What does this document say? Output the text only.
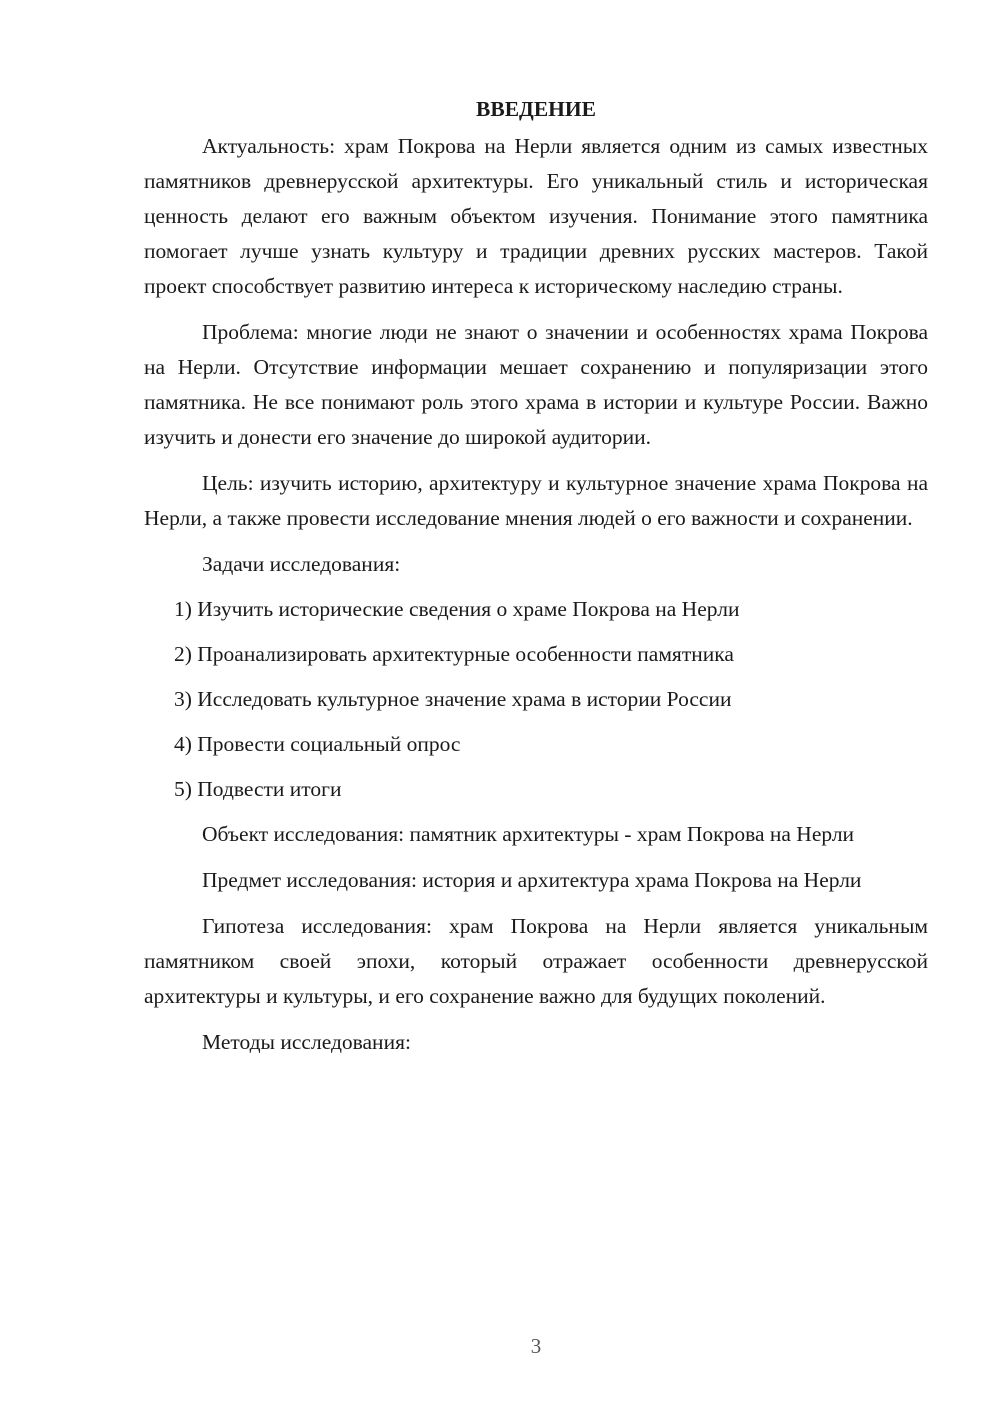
ВВЕДЕНИЕ

Актуальность: храм Покрова на Нерли является одним из самых известных памятников древнерусской архитектуры. Его уникальный стиль и историческая ценность делают его важным объектом изучения. Понимание этого памятника помогает лучше узнать культуру и традиции древних русских мастеров. Такой проект способствует развитию интереса к историческому наследию страны.

Проблема: многие люди не знают о значении и особенностях храма Покрова на Нерли. Отсутствие информации мешает сохранению и популяризации этого памятника. Не все понимают роль этого храма в истории и культуре России. Важно изучить и донести его значение до широкой аудитории.

Цель: изучить историю, архитектуру и культурное значение храма Покрова на Нерли, а также провести исследование мнения людей о его важности и сохранении.

Задачи исследования:

1) Изучить исторические сведения о храме Покрова на Нерли
2) Проанализировать архитектурные особенности памятника
3) Исследовать культурное значение храма в истории России
4) Провести социальный опрос
5) Подвести итоги

Объект исследования: памятник архитектуры - храм Покрова на Нерли

Предмет исследования: история и архитектура храма Покрова на Нерли

Гипотеза исследования: храм Покрова на Нерли является уникальным памятником своей эпохи, который отражает особенности древнерусской архитектуры и культуры, и его сохранение важно для будущих поколений.

Методы исследования:

3
